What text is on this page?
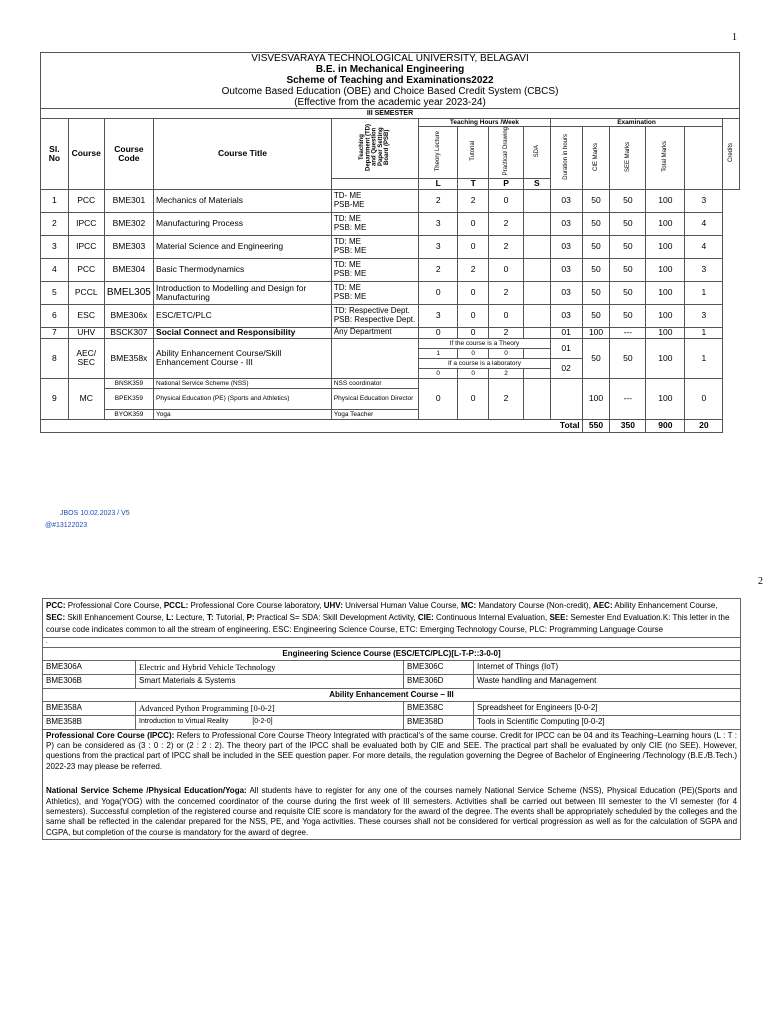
1
VISVESVARAYA TECHNOLOGICAL UNIVERSITY, BELAGAVI
B.E. in Mechanical Engineering
Scheme of Teaching and Examinations2022
Outcome Based Education (OBE) and Choice Based Credit System (CBCS)
(Effective from the academic year 2023-24)														

III SEMESTER														
Sl. No	Course	Course Code	Course Title	Teaching Department (TD) and Question Paper Setting Board (PSB)	Teaching Hours /Week				Examination					Credits
					Theory Lecture	Tutorial	Practical/ Drawing	SDA	Duration in hours	CIE Marks	SEE Marks	Total Marks		
					L	T	P	S						
1	PCC	BME301	Mechanics of Materials	TD- ME
PSB-ME	2	2	0		03	50	50	100	3	
2	IPCC	BME302	Manufacturing Process	TD: ME
PSB: ME	3	0	2		03	50	50	100	4	
3	IPCC	BME303	Material Science and Engineering	TD: ME
PSB: ME	3	0	2		03	50	50	100	4	
4	PCC	BME304	Basic Thermodynamics	TD: ME
PSB: ME	2	2	0		03	50	50	100	3	
5	PCCL	BMEL305	Introduction to Modelling and Design for Manufacturing	TD: ME
PSB: ME	0	0	2		03	50	50	100	1	
6	ESC	BME306x	ESC/ETC/PLC	TD: Respective Dept.
PSB: Respective Dept.	3	0	0		03	50	50	100	3	
7	UHV	BSCK307	Social Connect and Responsibility	Any Department	0	0	2		01	100	---	100	1	
8	AEC/ SEC	BME358x	Ability Enhancement Course/Skill Enhancement Course - III		If the course is a Theory				01	50	50	100	1	
					1	0	0							
					If a course is a laboratory				02					
					0	0	2							
9	MC	BNSK359	National Service Scheme (NSS)	NSS coordinator	0	0	2			100	---	100	0	
		BPEK359	Physical Education (PE) (Sports and Athletics)	Physical Education Director										
		BYOK359	Yoga	Yoga Teacher										
Total										550	350	900	20	
JBOS 10.02.2023 / V5
@#13122023
2
PCC: Professional Core Course, PCCL: Professional Core Course laboratory, UHV: Universal Human Value Course, MC: Mandatory Course (Non-credit), AEC: Ability Enhancement Course, SEC: Skill Enhancement Course, L: Lecture, T: Tutorial, P: Practical S= SDA: Skill Development Activity, CIE: Continuous Internal Evaluation, SEE: Semester End Evaluation.K: This letter in the course code indicates common to all the stream of engineering. ESC: Engineering Science Course, ETC: Emerging Technology Course, PLC: Programming Language Course			
.			
Engineering Science Course (ESC/ETC/PLC)[L-T-P::3-0-0]			
BME306A	Electric and Hybrid Vehicle Technology	BME306C	Internet of Things (IoT)
BME306B	Smart Materials & Systems	BME306D	Waste handling and Management
Ability Enhancement Course – III			
BME358A	Advanced Python Programming [0-0-2]	BME358C	Spreadsheet for Engineers [0-0-2]
BME358B	Introduction to Virtual Reality [0-2-0]	BME358D	Tools in Scientific Computing [0-0-2]
Professional Core Course (IPCC): Refers to Professional Core Course Theory Integrated with practical's of the same course. Credit for IPCC can be 04 and its Teaching–Learning hours (L : T : P) can be considered as (3 : 0 : 2) or (2 : 2 : 2). The theory part of the IPCC shall be evaluated both by CIE and SEE. The practical part shall be evaluated by only CIE (no SEE). However, questions from the practical part of IPCC shall be included in the SEE question paper. For more details, the regulation governing the Degree of Bachelor of Engineering /Technology (B.E./B.Tech.) 2022-23 may please be referred.
National Service Scheme /Physical Education/Yoga: All students have to register for any one of the courses namely National Service Scheme (NSS), Physical Education (PE)(Sports and Athletics), and Yoga(YOG) with the concerned coordinator of the course during the first week of III semesters. Activities shall be carried out between III semester to the VI semester (for 4 semesters). Successful completion of the registered course and requisite CIE score is mandatory for the award of the degree. The events shall be appropriately scheduled by the colleges and the same shall be reflected in the calendar prepared for the NSS, PE, and Yoga activities. These courses shall not be considered for vertical progression as well as for the calculation of SGPA and CGPA, but completion of the course is mandatory for the award of degree.			
